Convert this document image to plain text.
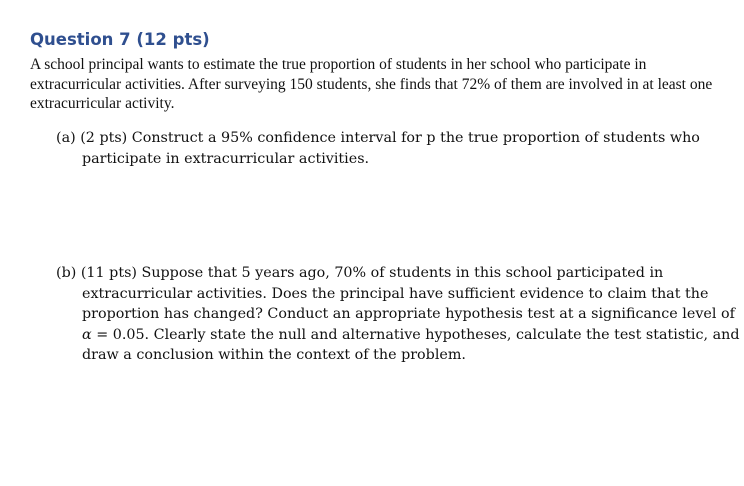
Question 7 (12 pts)

A school principal wants to estimate the true proportion of students in her school who participate in extracurricular activities. After surveying 150 students, she finds that 72% of them are involved in at least one extracurricular activity.

(a) (2 pts) Construct a 95% confidence interval for p the true proportion of students who participate in extracurricular activities.

(b) (11 pts) Suppose that 5 years ago, 70% of students in this school participated in extracurricular activities. Does the principal have sufficient evidence to claim that the proportion has changed? Conduct an appropriate hypothesis test at a significance level of α = 0.05. Clearly state the null and alternative hypotheses, calculate the test statistic, and draw a conclusion within the context of the problem.
